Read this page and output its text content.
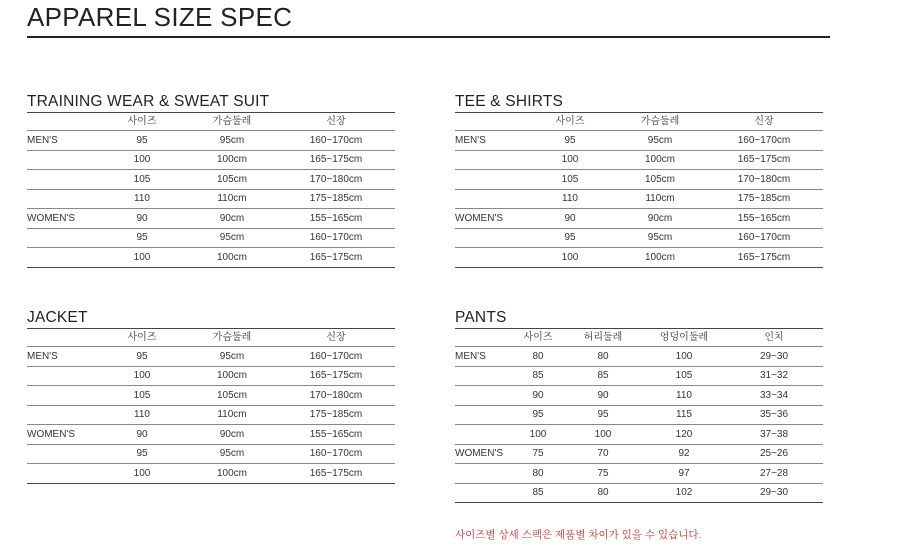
APPAREL SIZE SPEC
TRAINING WEAR & SWEAT SUIT
	사이즈	가슴둘레	신장
MEN'S	95	95cm	160~170cm
	100	100cm	165~175cm
	105	105cm	170~180cm
	110	110cm	175~185cm
WOMEN'S	90	90cm	155~165cm
	95	95cm	160~170cm
	100	100cm	165~175cm
TEE & SHIRTS
	사이즈	가슴둘레	신장
MEN'S	95	95cm	160~170cm
	100	100cm	165~175cm
	105	105cm	170~180cm
	110	110cm	175~185cm
WOMEN'S	90	90cm	155~165cm
	95	95cm	160~170cm
	100	100cm	165~175cm
JACKET
	사이즈	가슴둘레	신장
MEN'S	95	95cm	160~170cm
	100	100cm	165~175cm
	105	105cm	170~180cm
	110	110cm	175~185cm
WOMEN'S	90	90cm	155~165cm
	95	95cm	160~170cm
	100	100cm	165~175cm
PANTS
	사이즈	허리둘레	엉덩이둘레	인치
MEN'S	80	80	100	29~30
	85	85	105	31~32
	90	90	110	33~34
	95	95	115	35~36
	100	100	120	37~38
WOMEN'S	75	70	92	25~26
	80	75	97	27~28
	85	80	102	29~30

사이즈별 상세 스펙은 제품별 차이가 있을 수 있습니다.
